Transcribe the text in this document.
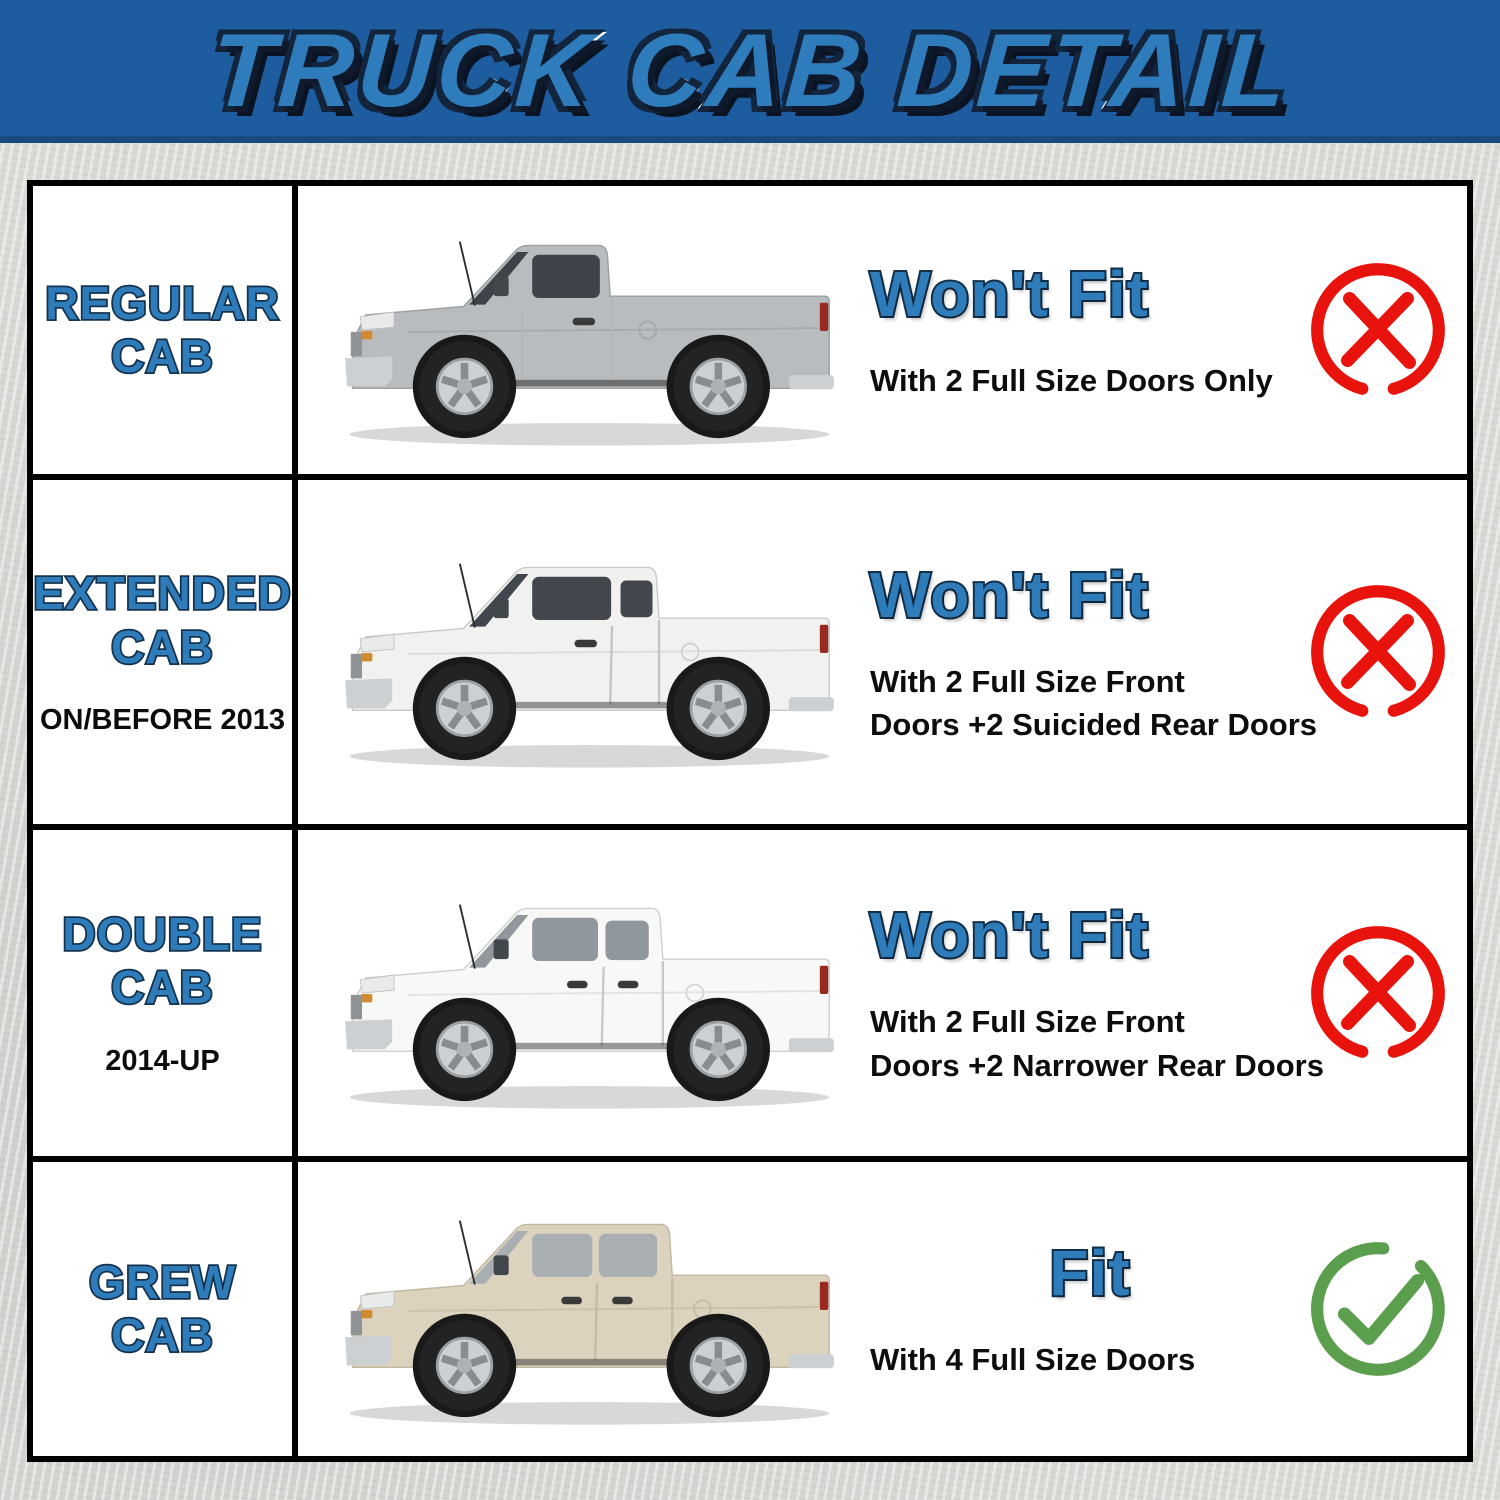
TRUCK CAB DETAIL
REGULAR
CAB
Won't Fit
With 2 Full Size Doors Only
EXTENDED
CAB
ON/BEFORE 2013
Won't Fit
With 2 Full Size Front
Doors +2 Suicided Rear Doors
DOUBLE
CAB
2014-UP
Won't Fit
With 2 Full Size Front
Doors +2 Narrower Rear Doors
GREW
CAB
Fit
With 4 Full Size Doors
